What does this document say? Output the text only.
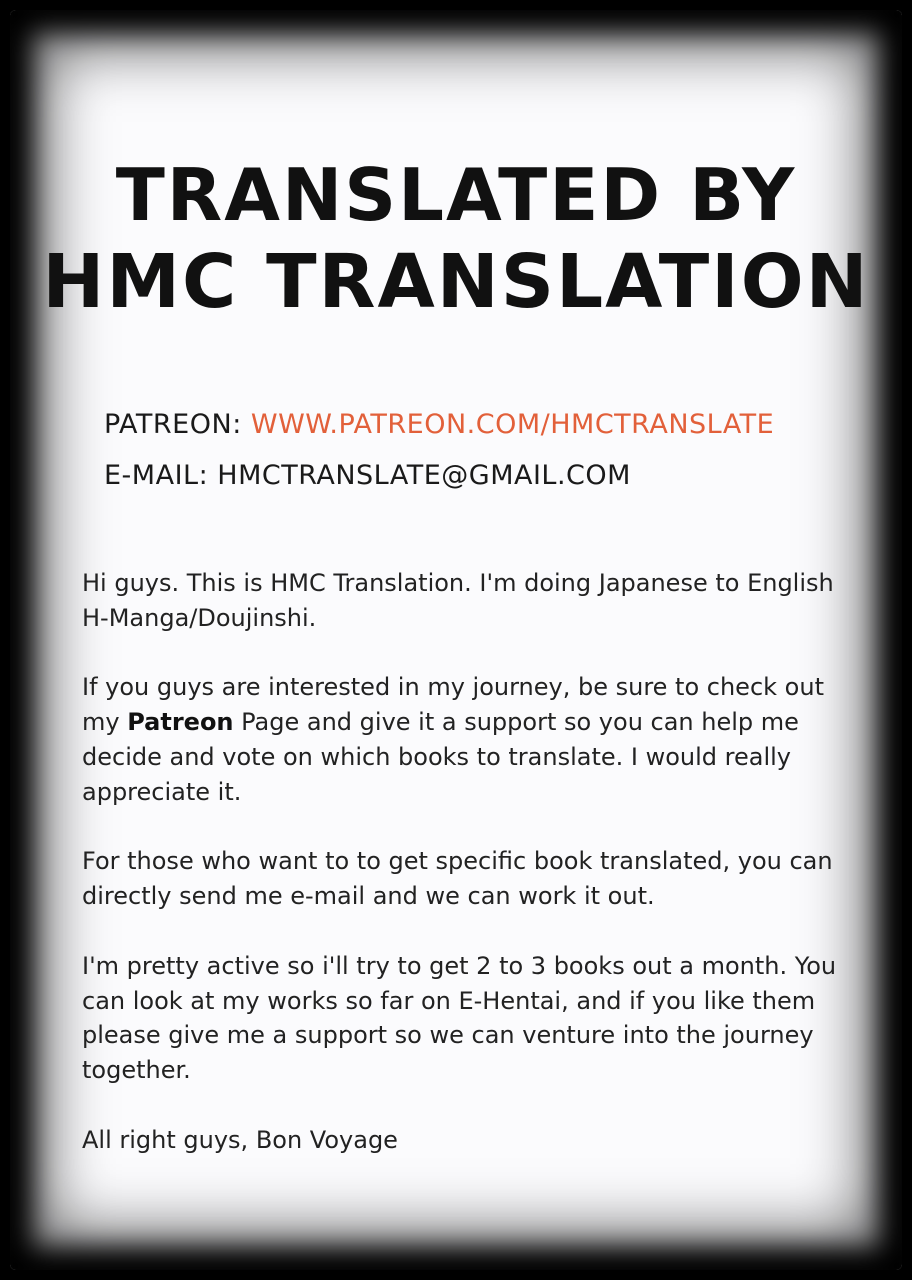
TRANSLATED BY
HMC TRANSLATION
PATREON: WWW.PATREON.COM/HMCTRANSLATE
E-MAIL: HMCTRANSLATE@GMAIL.COM

Hi guys. This is HMC Translation. I'm doing Japanese to English H-Manga/Doujinshi.

If you guys are interested in my journey, be sure to check out my Patreon Page and give it a support so you can help me decide and vote on which books to translate. I would really appreciate it.

For those who want to to get specific book translated, you can directly send me e-mail and we can work it out.

I'm pretty active so i'll try to get 2 to 3 books out a month. You can look at my works so far on E-Hentai, and if you like them please give me a support so we can venture into the journey together.

All right guys, Bon Voyage
